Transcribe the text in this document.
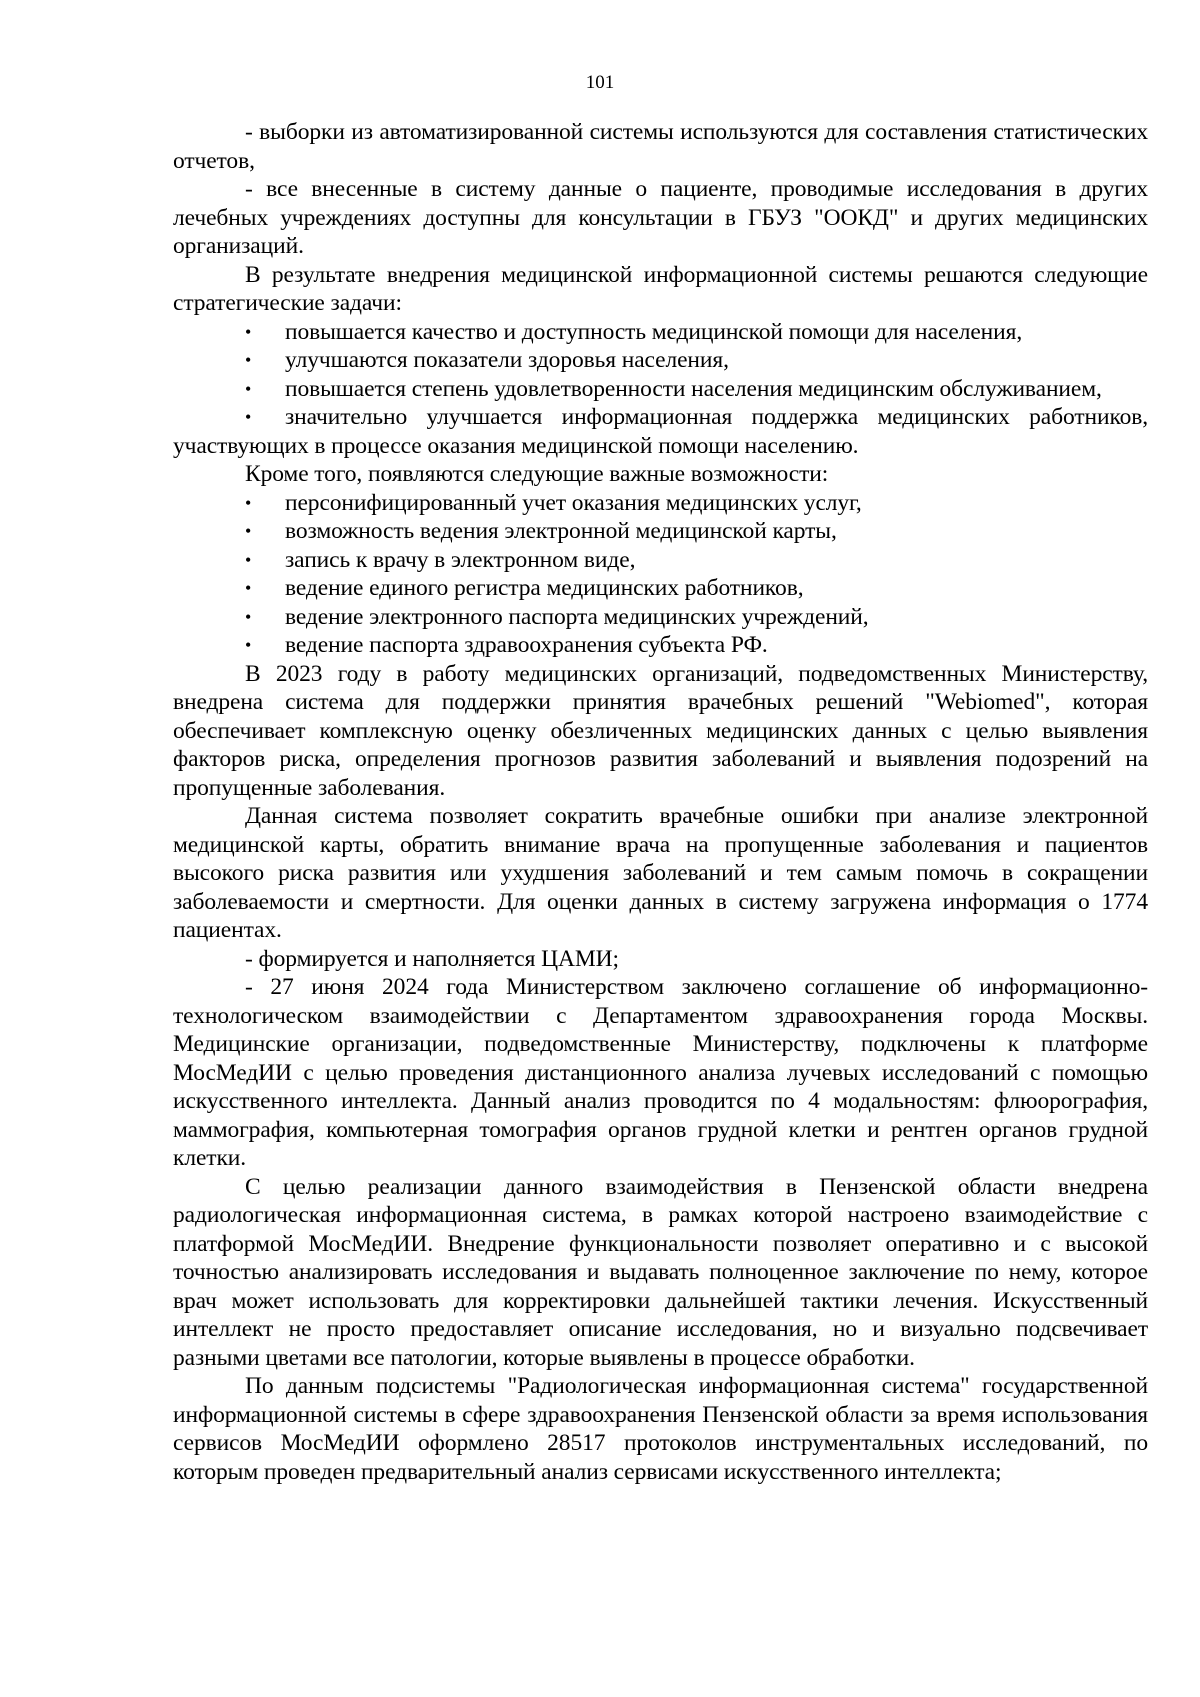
101

- выборки из автоматизированной системы используются для составления статистических отчетов,

- все внесенные в систему данные о пациенте, проводимые исследования в других лечебных учреждениях доступны для консультации в ГБУЗ "ООКД" и других медицинских организаций.

В результате внедрения медицинской информационной системы решаются следующие стратегические задачи:

•	повышается качество и доступность медицинской помощи для населения,
•	улучшаются показатели здоровья населения,
•	повышается степень удовлетворенности населения медицинским обслуживанием,
•	значительно улучшается информационная поддержка медицинских работников, участвующих в процессе оказания медицинской помощи населению.

Кроме того, появляются следующие важные возможности:

•	персонифицированный учет оказания медицинских услуг,
•	возможность ведения электронной медицинской карты,
•	запись к врачу в электронном виде,
•	ведение единого регистра медицинских работников,
•	ведение электронного паспорта медицинских учреждений,
•	ведение паспорта здравоохранения субъекта РФ.

В 2023 году в работу медицинских организаций, подведомственных Министерству, внедрена система для поддержки принятия врачебных решений "Webiomed", которая обеспечивает комплексную оценку обезличенных медицинских данных с целью выявления факторов риска, определения прогнозов развития заболеваний и выявления подозрений на пропущенные заболевания.

Данная система позволяет сократить врачебные ошибки при анализе электронной медицинской карты, обратить внимание врача на пропущенные заболевания и пациентов высокого риска развития или ухудшения заболеваний и тем самым помочь в сокращении заболеваемости и смертности. Для оценки данных в систему загружена информация о 1774 пациентах.

- формируется и наполняется ЦАМИ;

- 27 июня 2024 года Министерством заключено соглашение об информационно-технологическом взаимодействии с Департаментом здравоохранения города Москвы. Медицинские организации, подведомственные Министерству, подключены к платформе МосМедИИ с целью проведения дистанционного анализа лучевых исследований с помощью искусственного интеллекта. Данный анализ проводится по 4 модальностям: флюорография, маммография, компьютерная томография органов грудной клетки и рентген органов грудной клетки.

С целью реализации данного взаимодействия в Пензенской области внедрена радиологическая информационная система, в рамках которой настроено взаимодействие с платформой МосМедИИ. Внедрение функциональности позволяет оперативно и с высокой точностью анализировать исследования и выдавать полноценное заключение по нему, которое врач может использовать для корректировки дальнейшей тактики лечения. Искусственный интеллект не просто предоставляет описание исследования, но и визуально подсвечивает разными цветами все патологии, которые выявлены в процессе обработки.

По данным подсистемы "Радиологическая информационная система" государственной информационной системы в сфере здравоохранения Пензенской области за время использования сервисов МосМедИИ оформлено 28517 протоколов инструментальных исследований, по которым проведен предварительный анализ сервисами искусственного интеллекта;
